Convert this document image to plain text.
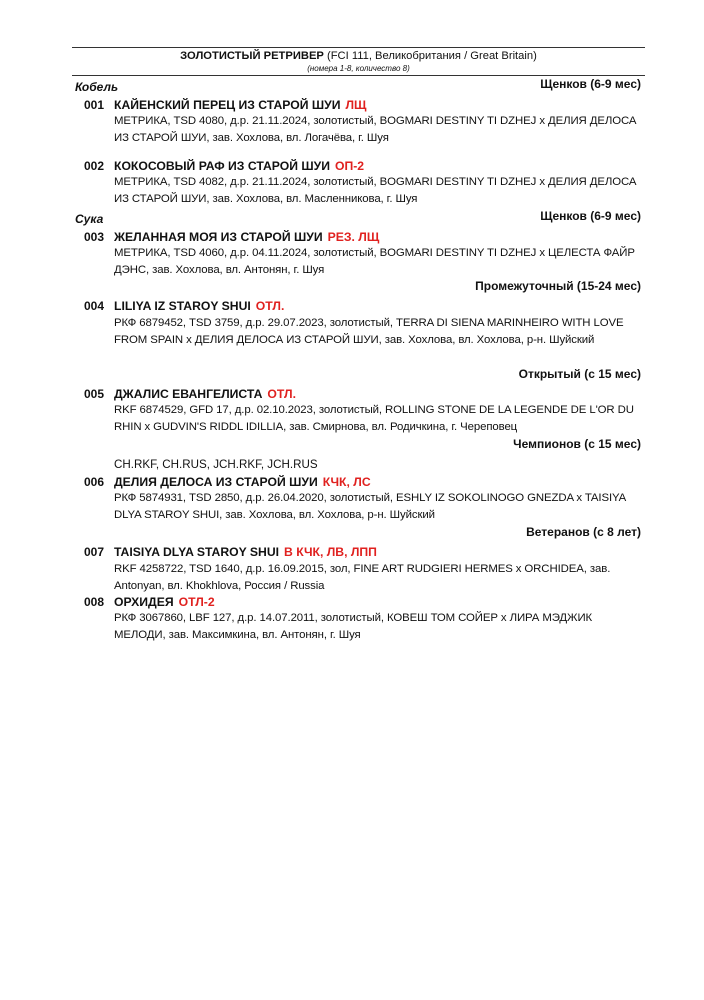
ЗОЛОТИСТЫЙ РЕТРИВЕР (FCI 111, Великобритания / Great Britain)
(номера 1-8, количество 8)
Кобель	Щенков (6-9 мес)
001 КАЙЕНСКИЙ ПЕРЕЦ ИЗ СТАРОЙ ШУИ ЛЩ
МЕТРИКА, TSD 4080, д.р. 21.11.2024, золотистый, BOGMARI DESTINY TI DZHEJ x ДЕЛИЯ ДЕЛОСА ИЗ СТАРОЙ ШУИ, зав. Хохлова, вл. Логачёва, г. Шуя
002 КОКОСОВЫЙ РАФ ИЗ СТАРОЙ ШУИ ОП-2
МЕТРИКА, TSD 4082, д.р. 21.11.2024, золотистый, BOGMARI DESTINY TI DZHEJ x ДЕЛИЯ ДЕЛОСА ИЗ СТАРОЙ ШУИ, зав. Хохлова, вл. Масленникова, г. Шуя
Сука	Щенков (6-9 мес)
003 ЖЕЛАННАЯ МОЯ ИЗ СТАРОЙ ШУИ РЕЗ. ЛЩ
МЕТРИКА, TSD 4060, д.р. 04.11.2024, золотистый, BOGMARI DESTINY TI DZHEJ x ЦЕЛЕСТА ФАЙР ДЭНС, зав. Хохлова, вл. Антонян, г. Шуя
Промежуточный (15-24 мес)
004 LILIYA IZ STAROY SHUI ОТЛ.
РКФ 6879452, TSD 3759, д.р. 29.07.2023, золотистый, TERRA DI SIENA MARINHEIRO WITH LOVE FROM SPAIN x ДЕЛИЯ ДЕЛОСА ИЗ СТАРОЙ ШУИ, зав. Хохлова, вл. Хохлова, р-н. Шуйский
Открытый (с 15 мес)
005 ДЖАЛИС ЕВАНГЕЛИСТА ОТЛ.
RKF 6874529, GFD 17, д.р. 02.10.2023, золотистый, ROLLING STONE DE LA LEGENDE DE L'OR DU RHIN x GUDVIN'S RIDDL IDILLIA, зав. Смирнова, вл. Родичкина, г. Череповец
Чемпионов (с 15 мес)
CH.RKF, CH.RUS, JCH.RKF, JCH.RUS
006 ДЕЛИЯ ДЕЛОСА ИЗ СТАРОЙ ШУИ КЧК, ЛС
РКФ 5874931, TSD 2850, д.р. 26.04.2020, золотистый, ESHLY IZ SOKOLINOGO GNEZDA x TAISIYA DLYA STAROY SHUI, зав. Хохлова, вл. Хохлова, р-н. Шуйский
Ветеранов (с 8 лет)
007 TAISIYA DLYA STAROY SHUI В КЧК, ЛВ, ЛПП
RKF 4258722, TSD 1640, д.р. 16.09.2015, зол, FINE ART RUDGIERI HERMES x ORCHIDEA, зав. Antonyan, вл. Khokhlova, Россия / Russia
008 ОРХИДЕЯ ОТЛ-2
РКФ 3067860, LBF 127, д.р. 14.07.2011, золотистый, КОВЕШ ТОМ СОЙЕР x ЛИРА МЭДЖИК МЕЛОДИ, зав. Максимкина, вл. Антонян, г. Шуя
